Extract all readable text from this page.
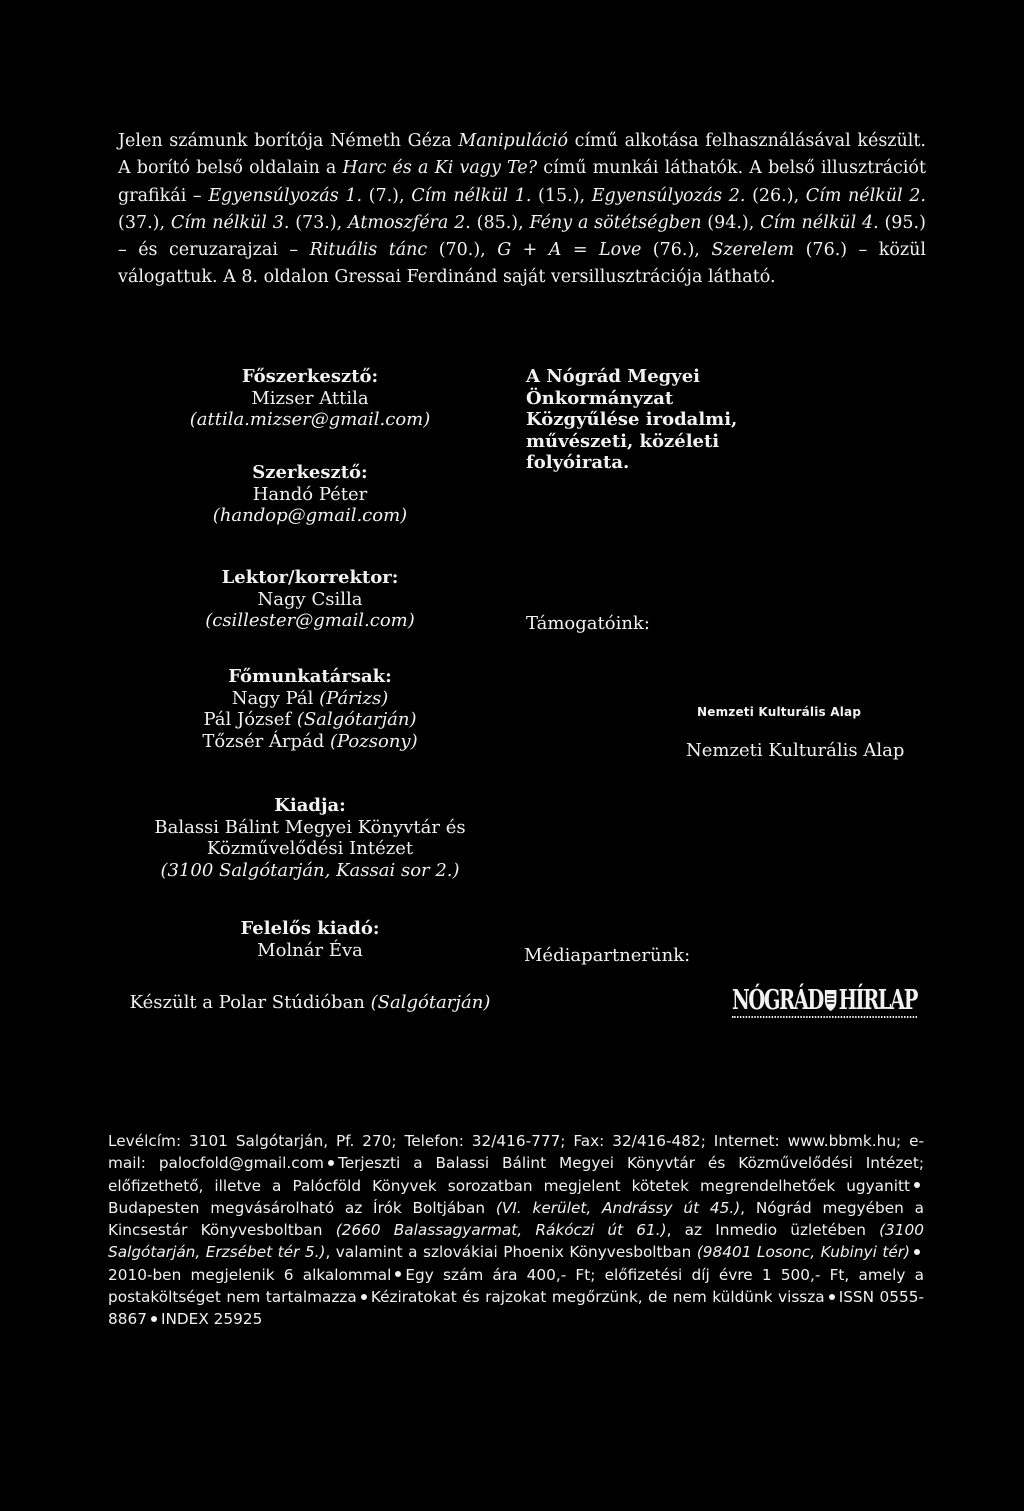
Jelen számunk borítója Németh Géza Manipuláció című alkotása felhasználásával készült. A borító belső oldalain a Harc és a Ki vagy Te? című munkái láthatók. A belső illusztrációt grafikái – Egyensúlyozás 1. (7.), Cím nélkül 1. (15.), Egyensúlyozás 2. (26.), Cím nélkül 2. (37.), Cím nélkül 3. (73.), Atmoszféra 2. (85.), Fény a sötétségben (94.), Cím nélkül 4. (95.) – és ceruzarajzai – Rituális tánc (70.), G + A = Love (76.), Szerelem (76.) – közül válogattuk. A 8. oldalon Gressai Ferdinánd saját versillusztrációja látható.
Főszerkesztő:
Mizser Attila
(attila.mizser@gmail.com)
Szerkesztő:
Handó Péter
(handop@gmail.com)
Lektor/korrektor:
Nagy Csilla
(csillester@gmail.com)
Főmunkatársak:
Nagy Pál (Párizs)
Pál József (Salgótarján)
Tőzsér Árpád (Pozsony)
Kiadja:
Balassi Bálint Megyei Könyvtár és
Közművelődési Intézet
(3100 Salgótarján, Kassai sor 2.)
Felelős kiadó:
Molnár Éva
Készült a Polar Stúdióban (Salgótarján)
A Nógrád Megyei
Önkormányzat
Közgyűlése irodalmi,
művészeti, közéleti
folyóirata.
Támogatóink:
Nemzeti Kulturális Alap
Nemzeti Kulturális Alap
Médiapartnerünk:
NÓGRÁD HÍRLAP
Levélcím: 3101 Salgótarján, Pf. 270; Telefon: 32/416-777; Fax: 32/416-482; Internet: www.bbmk.hu; e-mail: palocfold@gmail.com Terjeszti a Balassi Bálint Megyei Könyvtár és Közművelődési Intézet; előfizethető, illetve a Palócföld Könyvek sorozatban megjelent kötetek megrendelhetőek ugyanittBudapesten megvásárolható az Írók Boltjában (VI. kerület, Andrássy út 45.), Nógrád megyében a Kincsestár Könyvesboltban (2660 Balassagyarmat, Rákóczi út 61.), az Inmedio üzletében (3100 Salgótarján, Erzsébet tér 5.), valamint a szlovákiai Phoenix Könyvesboltban (98401 Losonc, Kubinyi tér)2010-ben megjelenik 6 alkalommal Egy szám ára 400,- Ft; előfizetési díj évre 1 500,- Ft, amely a postaköltséget nem tartalmazza Kéziratokat és rajzokat megőrzünk, de nem küldünk vissza ISSN 0555-8867 INDEX 25925
